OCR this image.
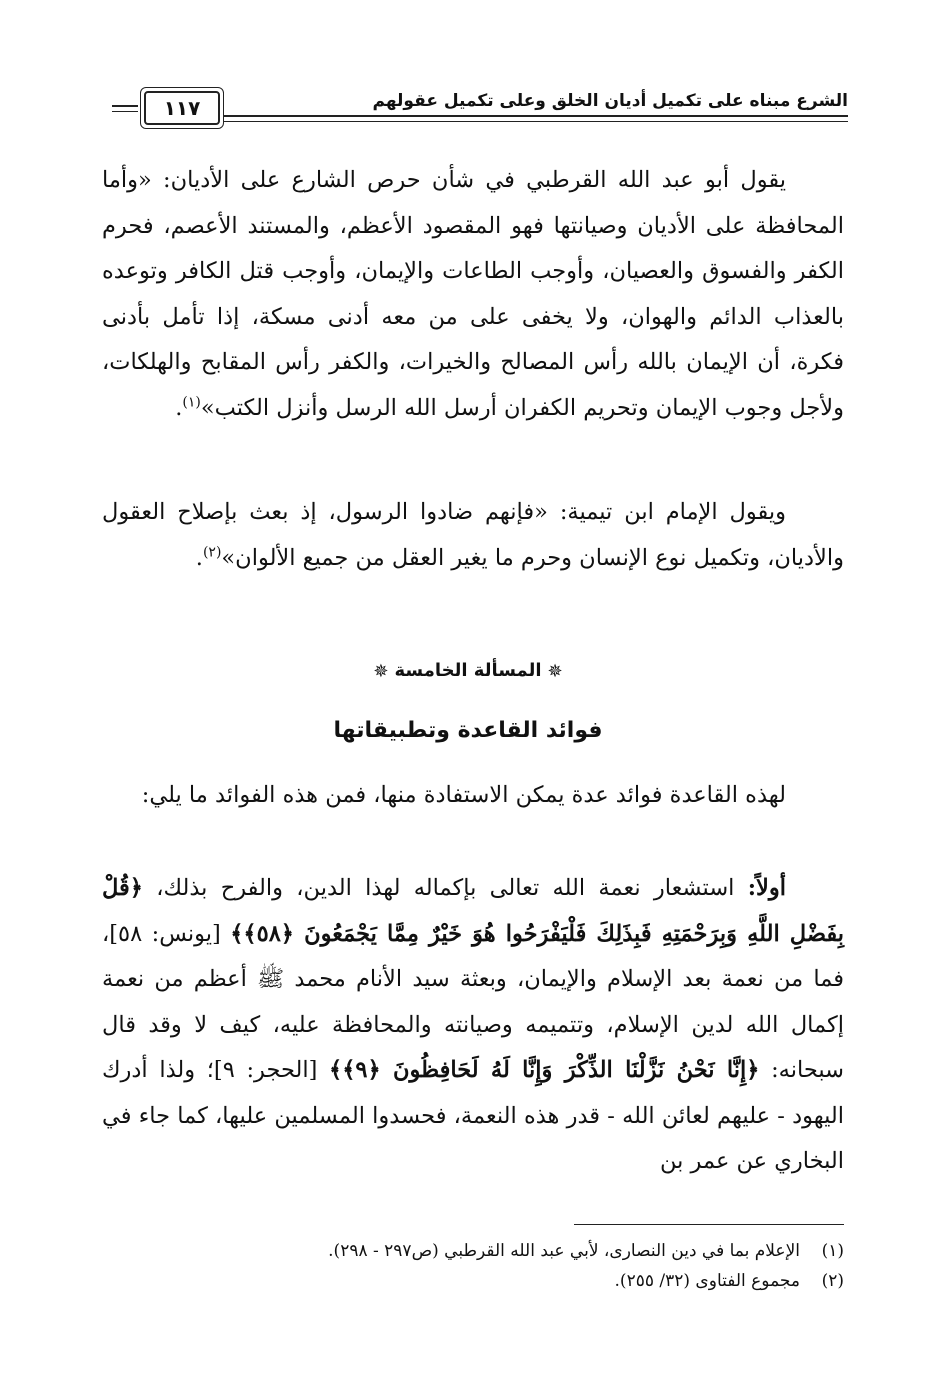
الشرع مبناه على تكميل أديان الخلق وعلى تكميل عقولهم
١١٧
يقول أبو عبد الله القرطبي في شأن حرص الشارع على الأديان: «وأما المحافظة على الأديان وصيانتها فهو المقصود الأعظم، والمستند الأعصم، فحرم الكفر والفسوق والعصيان، وأوجب الطاعات والإيمان، وأوجب قتل الكافر وتوعده بالعذاب الدائم والهوان، ولا يخفى على من معه أدنى مسكة، إذا تأمل بأدنى فكرة، أن الإيمان بالله رأس المصالح والخيرات، والكفر رأس المقابح والهلكات، ولأجل وجوب الإيمان وتحريم الكفران أرسل الله الرسل وأنزل الكتب»$^{(١)}$.
ويقول الإمام ابن تيمية: «فإنهم ضادوا الرسول، إذ بعث بإصلاح العقول والأديان، وتكميل نوع الإنسان وحرم ما يغير العقل من جميع الألوان»$^{(٢)}$.
✵المسألة الخامسة✵
فوائد القاعدة وتطبيقاتها
لهذه القاعدة فوائد عدة يمكن الاستفادة منها، فمن هذه الفوائد ما يلي:
أولاً: استشعار نعمة الله تعالى بإكماله لهذا الدين، والفرح بذلك، ﴿قُلْ بِفَضْلِ اللَّهِ وَبِرَحْمَتِهِ فَبِذَلِكَ فَلْيَفْرَحُوا هُوَ خَيْرٌ مِمَّا يَجْمَعُونَ ﴿٥٨﴾﴾ [يونس: ٥٨]، فما من نعمة بعد الإسلام والإيمان، وبعثة سيد الأنام محمد ﷺ أعظم من نعمة إكمال الله لدين الإسلام، وتتميمه وصيانته والمحافظة عليه، كيف لا وقد قال سبحانه: ﴿إِنَّا نَحْنُ نَزَّلْنَا الذِّكْرَ وَإِنَّا لَهُ لَحَافِظُونَ ﴿٩﴾﴾ [الحجر: ٩]؛ ولذا أدرك اليهود - عليهم لعائن الله - قدر هذه النعمة، فحسدوا المسلمين عليها، كما جاء في البخاري عن عمر بن
(١)الإعلام بما في دين النصارى، لأبي عبد الله القرطبي (ص٢٩٧ - ٢٩٨).
(٢)مجموع الفتاوى (٣٢/ ٢٥٥).
